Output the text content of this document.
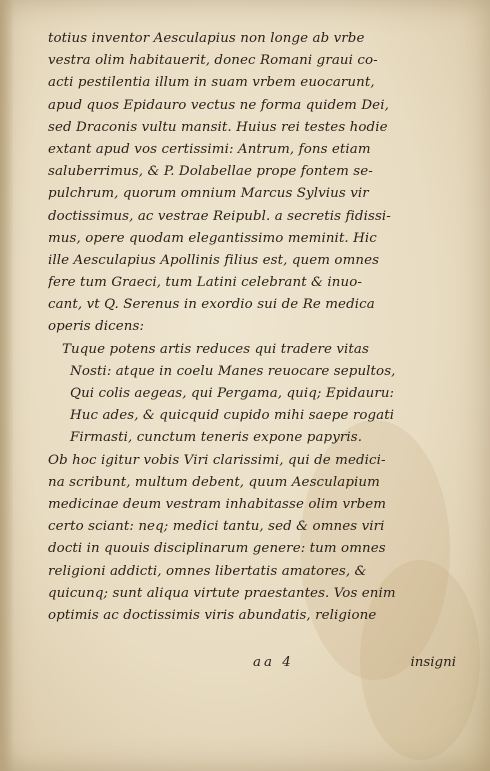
totius inventor Aesculapius non longe ab vrbe
vestra olim habitauerit, donec Romani graui co-
acti pestilentia illum in suam vrbem euocarunt,
apud quos Epidauro vectus ne forma quidem Dei,
sed Draconis vultu mansit. Huius rei testes hodie
extant apud vos certissimi: Antrum, fons etiam
saluberrimus, & P. Dolabellae prope fontem se-
pulchrum, quorum omnium Marcus Sylvius vir
doctissimus, ac vestrae Reipubl. a secretis fidissi-
mus, opere quodam elegantissimo meminit. Hic
ille Aesculapius Apollinis filius est, quem omnes
fere tum Graeci, tum Latini celebrant & inuo-
cant, vt Q. Serenus in exordio sui de Re medica
operis dicens:
Tuque potens artis reduces qui tradere vitas
Nosti: atque in coelu Manes reuocare sepultos,
Qui colis aegeas, qui Pergama, quiq; Epidauru:
Huc ades, & quicquid cupido mihi saepe rogati
Firmasti, cunctum teneris expone papyris.
Ob hoc igitur vobis Viri clarissimi, qui de medici-
na scribunt, multum debent, quum Aesculapium
medicinae deum vestram inhabitasse olim vrbem
certo sciant: neq; medici tantu, sed & omnes viri
docti in quouis disciplinarum genere: tum omnes
religioni addicti, omnes libertatis amatores, &
quicunq; sunt aliqua virtute praestantes. Vos enim
optimis ac doctissimis viris abundatis, religione
aa 4	insigni
